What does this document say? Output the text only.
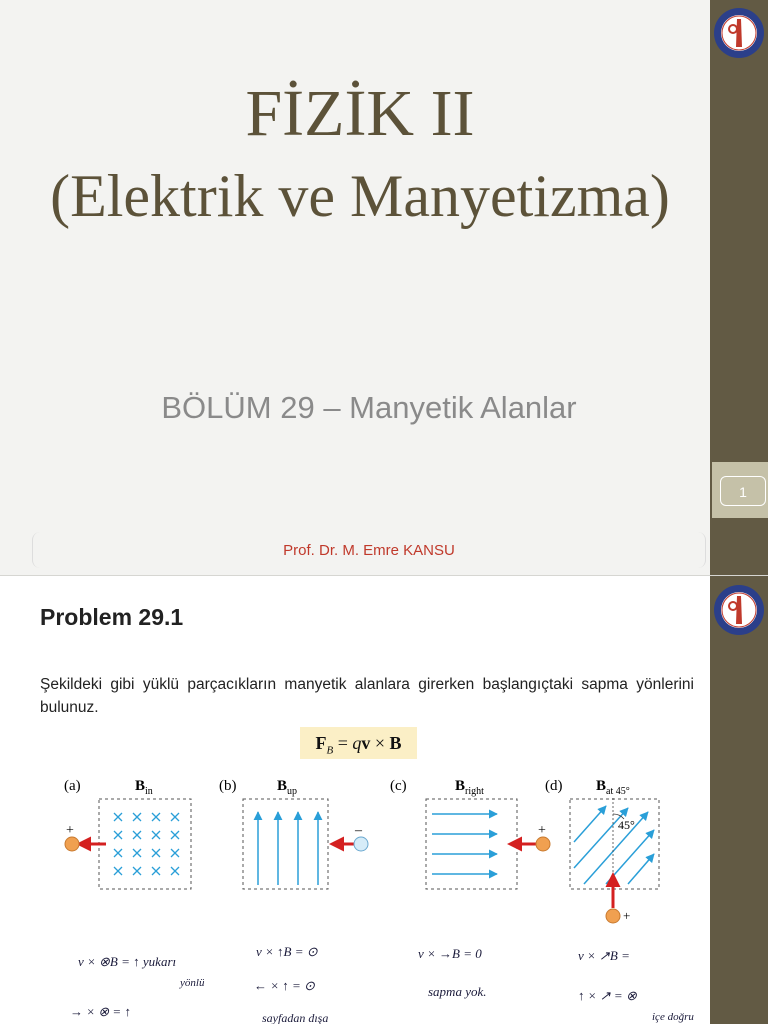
FİZİK II
(Elektrik ve Manyetizma)
BÖLÜM 29 – Manyetik Alanlar
1
Prof. Dr. M. Emre KANSU
Problem 29.1
Şekildeki gibi yüklü parçacıkların manyetik alanlara girerken başlangıçtaki sapma yönlerini bulunuz.
$F_B$ = qv × B
(a)	$B_{in}$
+
(b)	$B_{up}$
–
(c)	$B_{right}$
+
(d) $B_{at 45^\circ}$
45°
+
v × ⊗B = ↑ yukarı
yönlü
→ × ⊗ = ↑
v × ↑B = ⊙
← × ↑ = ⊙
sayfadan dışa
v × →B = 0
sapma yok.
v × ↗B =
↑ × ↗ = ⊗
içe doğru
